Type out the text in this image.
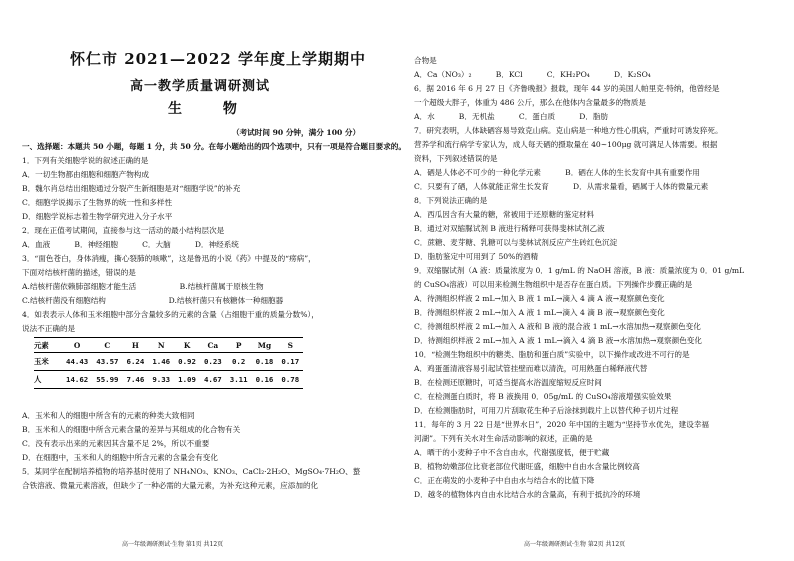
怀仁市 2021—2022 学年度上学期期中
高一教学质量调研测试
生 物
（考试时间 90 分钟，满分 100 分）
一、选择题：本题共 50 小题，每题 1 分，共 50 分。在每小题给出的四个选项中，只有一项是符合题目要求的。
1．下列有关细胞学说的叙述正确的是
A．一切生物都由细胞和细胞产物构成
B．魏尔肖总结出细胞通过分裂产生新细胞是对“细胞学说”的补充
C．细胞学说揭示了生物界的统一性和多样性
D．细胞学说标志着生物学研究进入分子水平
2．现在正值考试期间，直接参与这一活动的最小结构层次是
A．血液          B．神经细胞          C．大脑          D．神经系统
3．“面色苍白，身体消瘦，撕心裂肺的咳嗽”，这是鲁迅的小说《药》中提及的“痨病”，
下面对结核杆菌的描述，错误的是
A.结核杆菌依赖肺部细胞才能生活                  B.结核杆菌属于原核生物
C.结核杆菌没有细胞结构                          D.结核杆菌只有核糖体一种细胞器
4．如表表示人体和玉米细胞中部分含量较多的元素的含量（占细胞干重的质量分数%），
说法不正确的是
元素	O	C	H	N	K	Ca	P	Mg	S
玉米	44.43	43.57	6.24	1.46	0.92	0.23	0.2	0.18	0.17
人	14.62	55.99	7.46	9.33	1.09	4.67	3.11	0.16	0.78
A．玉米和人的细胞中所含有的元素的种类大致相同
B．玉米和人的细胞中所含元素含量的差异与其组成的化合物有关
C．没有表示出来的元素因其含量不足 2%，所以不重要
D．在细胞中，玉米和人的细胞中所含元素的含量会有变化
5．某同学在配制培养植物的培养基时使用了 NH₄NO₃、KNO₃、CaCl₂·2H₂O、MgSO₄·7H₂O、螯
合铁溶液、微量元素溶液，但缺少了一种必需的大量元素，为补充这种元素，应添加的化
高一年级调研测试·生物 第1页 共12页
合物是
A．Ca（NO₃）₂          B．KCl          C．KH₂PO₄          D．K₂SO₄
6．据 2016 年 6 月 27 日《齐鲁晚报》报载，现年 44 岁的美国人帕里克·特纳，他曾经是
一个超级大胖子，体重为 486 公斤，那么在他体内含量最多的物质是
A．水          B．无机盐          C．蛋白质          D．脂肪
7．研究表明，人体缺硒容易导致克山病。克山病是一种地方性心肌病，严重时可诱发猝死。
营养学和流行病学专家认为，成人每天硒的摄取量在 40~100μg 就可满足人体需要。根据
资料，下列叙述错误的是
A．硒是人体必不可少的一种化学元素          B．硒在人体的生长发育中具有重要作用
C．只要有了硒，人体就能正常生长发育          D．从需求量看，硒属于人体的微量元素
8．下列说法正确的是
A．西瓜因含有大量的糖，常被用于还原糖的鉴定材料
B．通过对双缩脲试剂 B 液进行稀释可获得斐林试剂乙液
C．蔗糖、麦芽糖、乳糖可以与斐林试剂反应产生砖红色沉淀
D．脂肪鉴定中可用到了 50%的酒精
9．双缩脲试剂（A 液：质量浓度为 0．1 g/mL 的 NaOH 溶液，B 液：质量浓度为 0．01 g/mL
的 CuSO₄溶液）可以用来检测生物组织中是否存在蛋白质。下列操作步骤正确的是
A．待测组织样液 2 mL→加入 B 液 1 mL→滴入 4 滴 A 液→观察颜色变化
B．待测组织样液 2 mL→加入 A 液 1 mL→滴入 4 滴 B 液→观察颜色变化
C．待测组织样液 2 mL→加入 A 液和 B 液的混合液 1 mL→水溶加热→观察颜色变化
D．待测组织样液 2 mL→加入 A 液 1 mL→滴入 4 滴 B 液→水溶加热→观察颜色变化
10．“检测生物组织中的糖类、脂肪和蛋白质”实验中，以下操作或改进不可行的是
A．鸡蛋蛋清液容易引起试管挂壁而难以清洗，可用熟蛋白稀释液代替
B．在检测还原糖时，可适当提高水浴温度缩短反应时间
C．在检测蛋白质时，将 B 液换用 0．05g/mL 的 CuSO₄溶液增强实验效果
D．在检测脂肪时，可用刀片刮取花生种子后涂抹到载片上以替代种子切片过程
11．每年的 3 月 22 日是“世界水日”，2020 年中国的主题为“坚持节水优先，建设幸福
河湖”。下列有关水对生命活动影响的叙述，正确的是
A．晒干的小麦种子中不含自由水，代谢强度低，便于贮藏
B．植物幼嫩部位比衰老部位代谢旺盛，细胞中自由水含量比例较高
C．正在萌发的小麦种子中自由水与结合水的比值下降
D．越冬的植物体内自由水比结合水的含量高，有利于抵抗冷的环境
高一年级调研测试·生物 第2页 共12页
